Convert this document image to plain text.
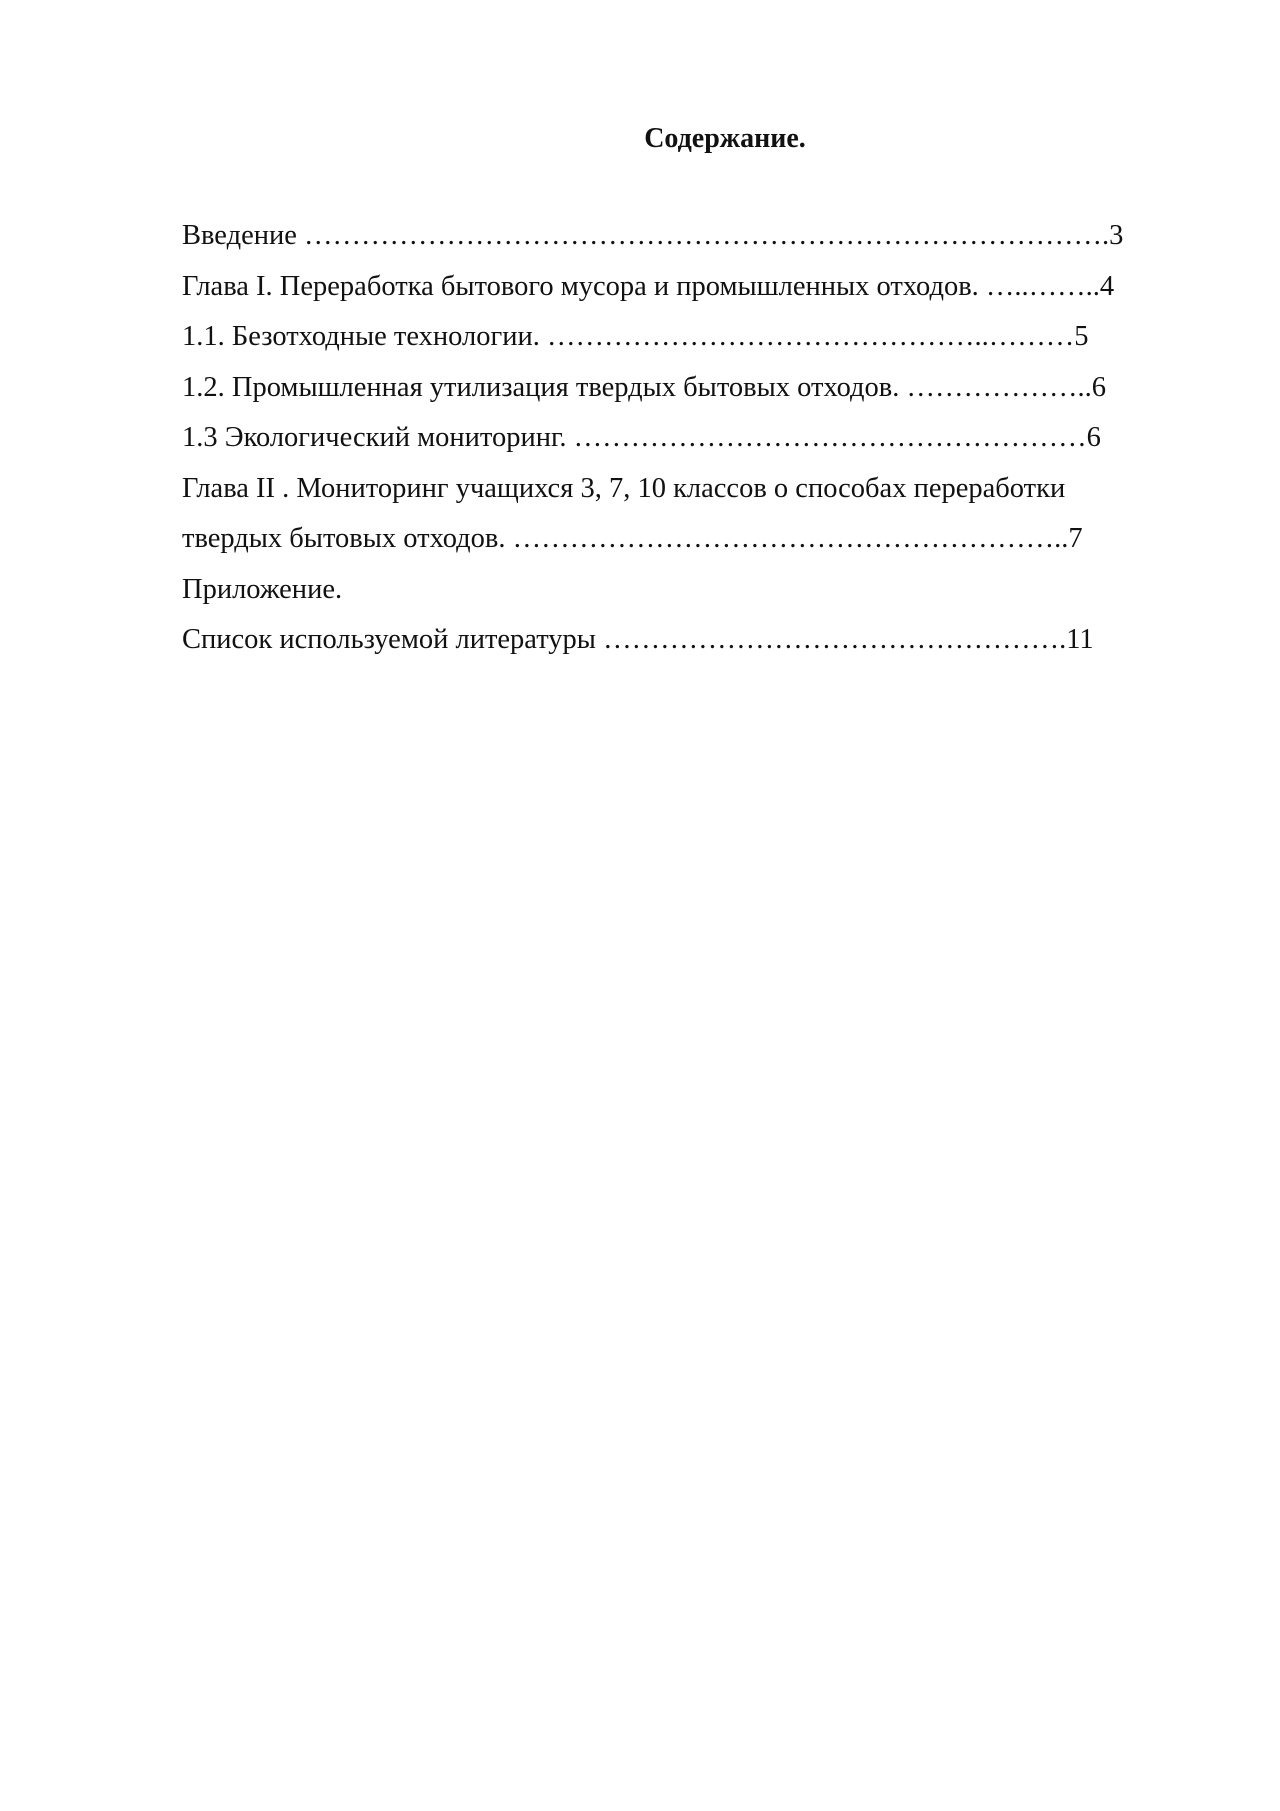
Содержание.
Введение ………………………………………………………………………….3
Глава I. Переработка бытового мусора и промышленных отходов. …..……..4
1.1. Безотходные технологии. ………………………………………..………5
1.2. Промышленная утилизация твердых бытовых отходов. ………………..6
1.3 Экологический мониторинг. ………………………………………………6
Глава II . Мониторинг учащихся 3, 7, 10 классов о способах переработки
твердых бытовых отходов. …………………………………………………..7
Приложение.
Список используемой литературы ………………………………………….11
